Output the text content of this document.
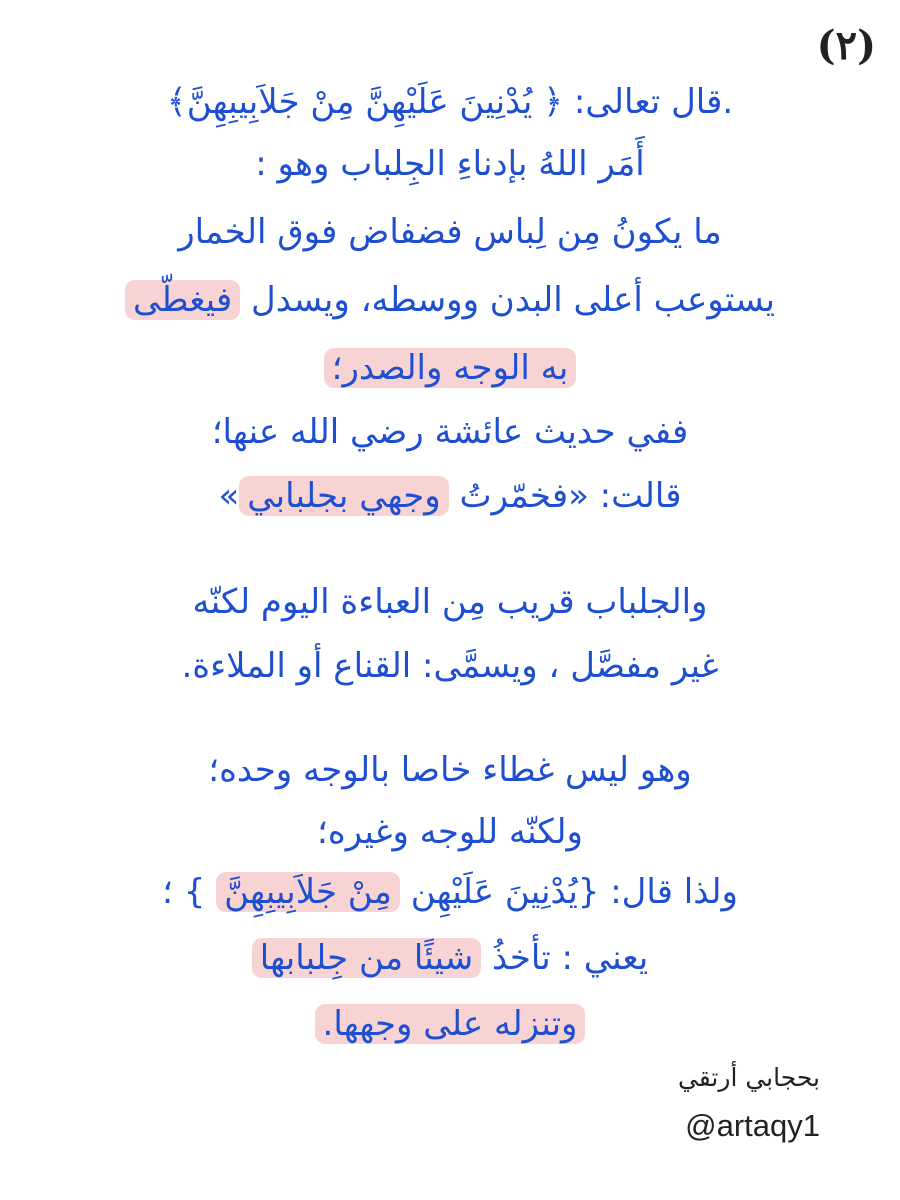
(٢)
.قال تعالى: ﴿ يُدْنِينَ عَلَيْهِنَّ مِنْ جَلاَبِيبِهِنَّ﴾
أَمَر اللهُ بإدناءِ الجِلباب وهو :
ما يكونُ مِن لِباس فضفاض فوق الخمار
يستوعب أعلى البدن ووسطه، ويسدل فيغطّى
به الوجه والصدر؛
ففي حديث عائشة رضي الله عنها؛
قالت: «فخمّرتُ وجهي بجلبابي»
والجلباب قريب مِن العباءة اليوم لكنّه
غير مفصَّل ، ويسمَّى: القناع أو الملاءة.
وهو ليس غطاء خاصا بالوجه وحده؛
ولكنّه للوجه وغيره؛
ولذا قال: {يُدْنِينَ عَلَيْهِن مِنْ جَلاَبِيبِهِنَّ } ؛
يعني : تأخذُ شيئًا من جِلبابها
وتنزله على وجهها.
بحجابي أرتقي
@artaqy1
